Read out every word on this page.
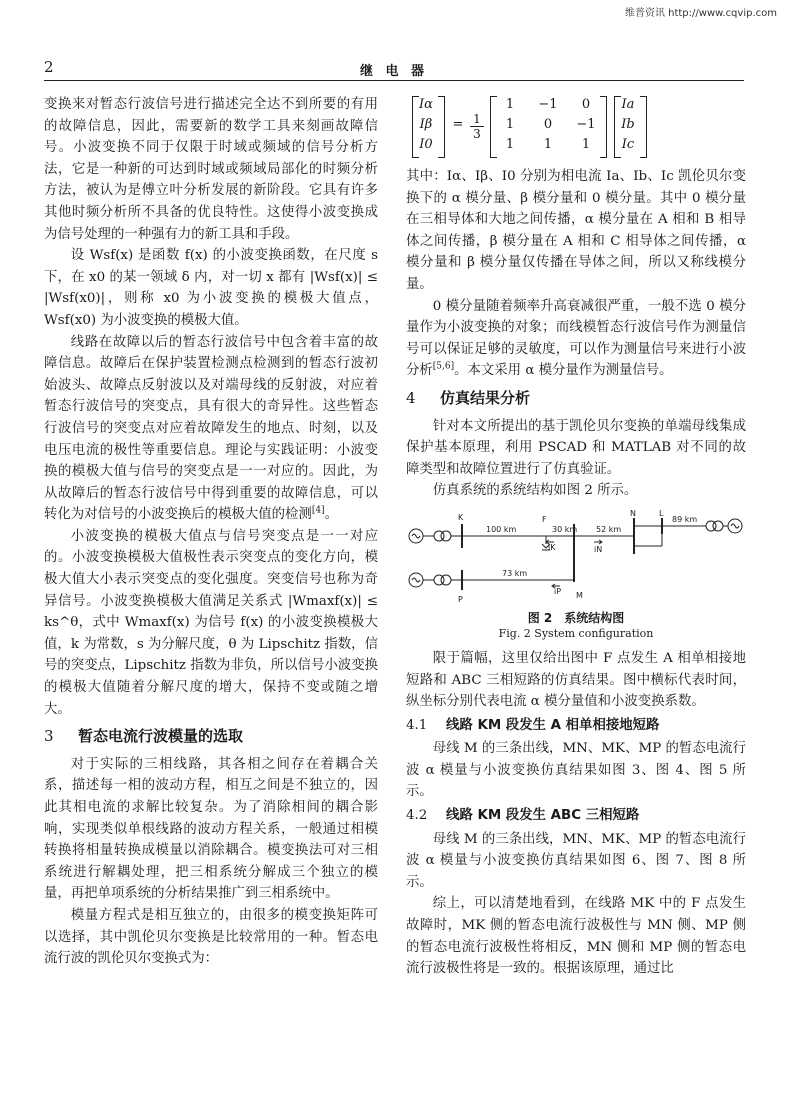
维普资讯 http://www.cqvip.com
2	继 电 器

变换来对暂态行波信号进行描述完全达不到所要的有用的故障信息，因此，需要新的数学工具来刻画故障信号。小波变换不同于仅限于时域或频域的信号分析方法，它是一种新的可达到时域或频域局部化的时频分析方法，被认为是傅立叶分析发展的新阶段。它具有许多其他时频分析所不具备的优良特性。这使得小波变换成为信号处理的一种强有力的新工具和手段。

设 Wsf(x) 是函数 f(x) 的小波变换函数，在尺度 s 下，在 x0 的某一领域 δ 内，对一切 x 都有 |Wsf(x)| ≤ |Wsf(x0)|，则称 x0 为小波变换的模极大值点，Wsf(x0) 为小波变换的模极大值。

线路在故障以后的暂态行波信号中包含着丰富的故障信息。故障后在保护装置检测点检测到的暂态行波初始波头、故障点反射波以及对端母线的反射波，对应着暂态行波信号的突变点，具有很大的奇异性。这些暂态行波信号的突变点对应着故障发生的地点、时刻，以及电压电流的极性等重要信息。理论与实践证明：小波变换的模极大值与信号的突变点是一一对应的。因此，为从故障后的暂态行波信号中得到重要的故障信息，可以转化为对信号的小波变换后的模极大值的检测[4]。

小波变换的模极大值点与信号突变点是一一对应的。小波变换模极大值极性表示突变点的变化方向，模极大值大小表示突变点的变化强度。突变信号也称为奇异信号。小波变换模极大值满足关系式 |Wmaxf(x)| ≤ ks^θ，式中 Wmaxf(x) 为信号 f(x) 的小波变换模极大值，k 为常数，s 为分解尺度，θ 为 Lipschitz 指数，信号的突变点，Lipschitz 指数为非负，所以信号小波变换的模极大值随着分解尺度的增大，保持不变或随之增大。

3 暂态电流行波模量的选取

对于实际的三相线路，其各相之间存在着耦合关系，描述每一相的波动方程，相互之间是不独立的，因此其相电流的求解比较复杂。为了消除相间的耦合影响，实现类似单根线路的波动方程关系，一般通过相模转换将相量转换成模量以消除耦合。模变换法可对三相系统进行解耦处理，把三相系统分解成三个独立的模量，再把单项系统的分析结果推广到三相系统中。

模量方程式是相互独立的，由很多的模变换矩阵可以选择，其中凯伦贝尔变换是比较常用的一种。暂态电流行波的凯伦贝尔变换式为：

Iα
Iβ
I0
= $\frac{1}{3}$
1	−1	0
1	0	−1
1	1	1
Ia
Ib
Ic

其中：Iα、Iβ、I0 分别为相电流 Ia、Ib、Ic 凯伦贝尔变换下的 α 模分量、β 模分量和 0 模分量。其中 0 模分量在三相导体和大地之间传播，α 模分量在 A 相和 B 相导体之间传播，β 模分量在 A 相和 C 相导体之间传播，α 模分量和 β 模分量仅传播在导体之间，所以又称线模分量。

0 模分量随着频率升高衰减很严重，一般不选 0 模分量作为小波变换的对象；而线模暂态行波信号作为测量信号可以保证足够的灵敏度，可以作为测量信号来进行小波分析[5,6]。本文采用 α 模分量作为测量信号。

4 仿真结果分析

针对本文所提出的基于凯伦贝尔变换的单端母线集成保护基本原理，利用 PSCAD 和 MATLAB 对不同的故障类型和故障位置进行了仿真验证。

仿真系统的系统结构如图 2 所示。

K	F
N	L
M
P
100 km	30 km 52 km
89 km
73 km
iK	iN
iP
图 2 系统结构图
Fig. 2 System configuration

限于篇幅，这里仅给出图中 F 点发生 A 相单相接地短路和 ABC 三相短路的仿真结果。图中横标代表时间，纵坐标分别代表电流 α 模分量值和小波变换系数。

4.1 线路 KM 段发生 A 相单相接地短路

母线 M 的三条出线，MN、MK、MP 的暂态电流行波 α 模量与小波变换仿真结果如图 3、图 4、图 5 所示。

4.2 线路 KM 段发生 ABC 三相短路

母线 M 的三条出线，MN、MK、MP 的暂态电流行波 α 模量与小波变换仿真结果如图 6、图 7、图 8 所示。

综上，可以清楚地看到，在线路 MK 中的 F 点发生故障时，MK 侧的暂态电流行波极性与 MN 侧、MP 侧的暂态电流行波极性将相反，MN 侧和 MP 侧的暂态电流行波极性将是一致的。根据该原理，通过比
